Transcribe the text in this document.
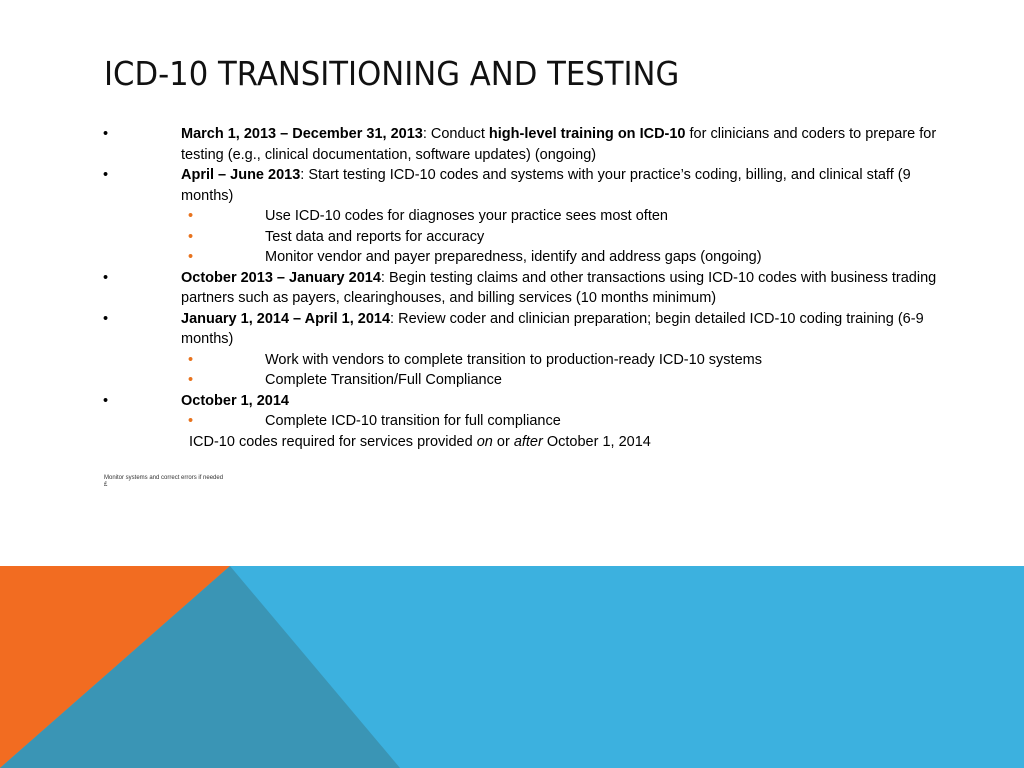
ICD-10 TRANSITIONING AND TESTING
•	March 1, 2013 – December 31, 2013: Conduct high-level training on ICD-10 for clinicians and coders to prepare for testing (e.g., clinical documentation, software updates) (ongoing)
•	April – June 2013: Start testing ICD-10 codes and systems with your practice’s coding, billing, and clinical staff (9 months)
•	Use ICD-10 codes for diagnoses your practice sees most often
•	Test data and reports for accuracy
•	Monitor vendor and payer preparedness, identify and address gaps (ongoing)
•	October 2013 – January 2014: Begin testing claims and other transactions using ICD-10 codes with business trading partners such as payers, clearinghouses, and billing services (10 months minimum)
•	January 1, 2014 – April 1, 2014: Review coder and clinician preparation; begin detailed ICD-10 coding training (6-9 months)
•	Work with vendors to complete transition to production-ready ICD-10 systems
•	Complete Transition/Full Compliance
•	October 1, 2014
•	Complete ICD-10 transition for full compliance
ICD-10 codes required for services provided on or after October 1, 2014
Monitor systems and correct errors if needed
£
